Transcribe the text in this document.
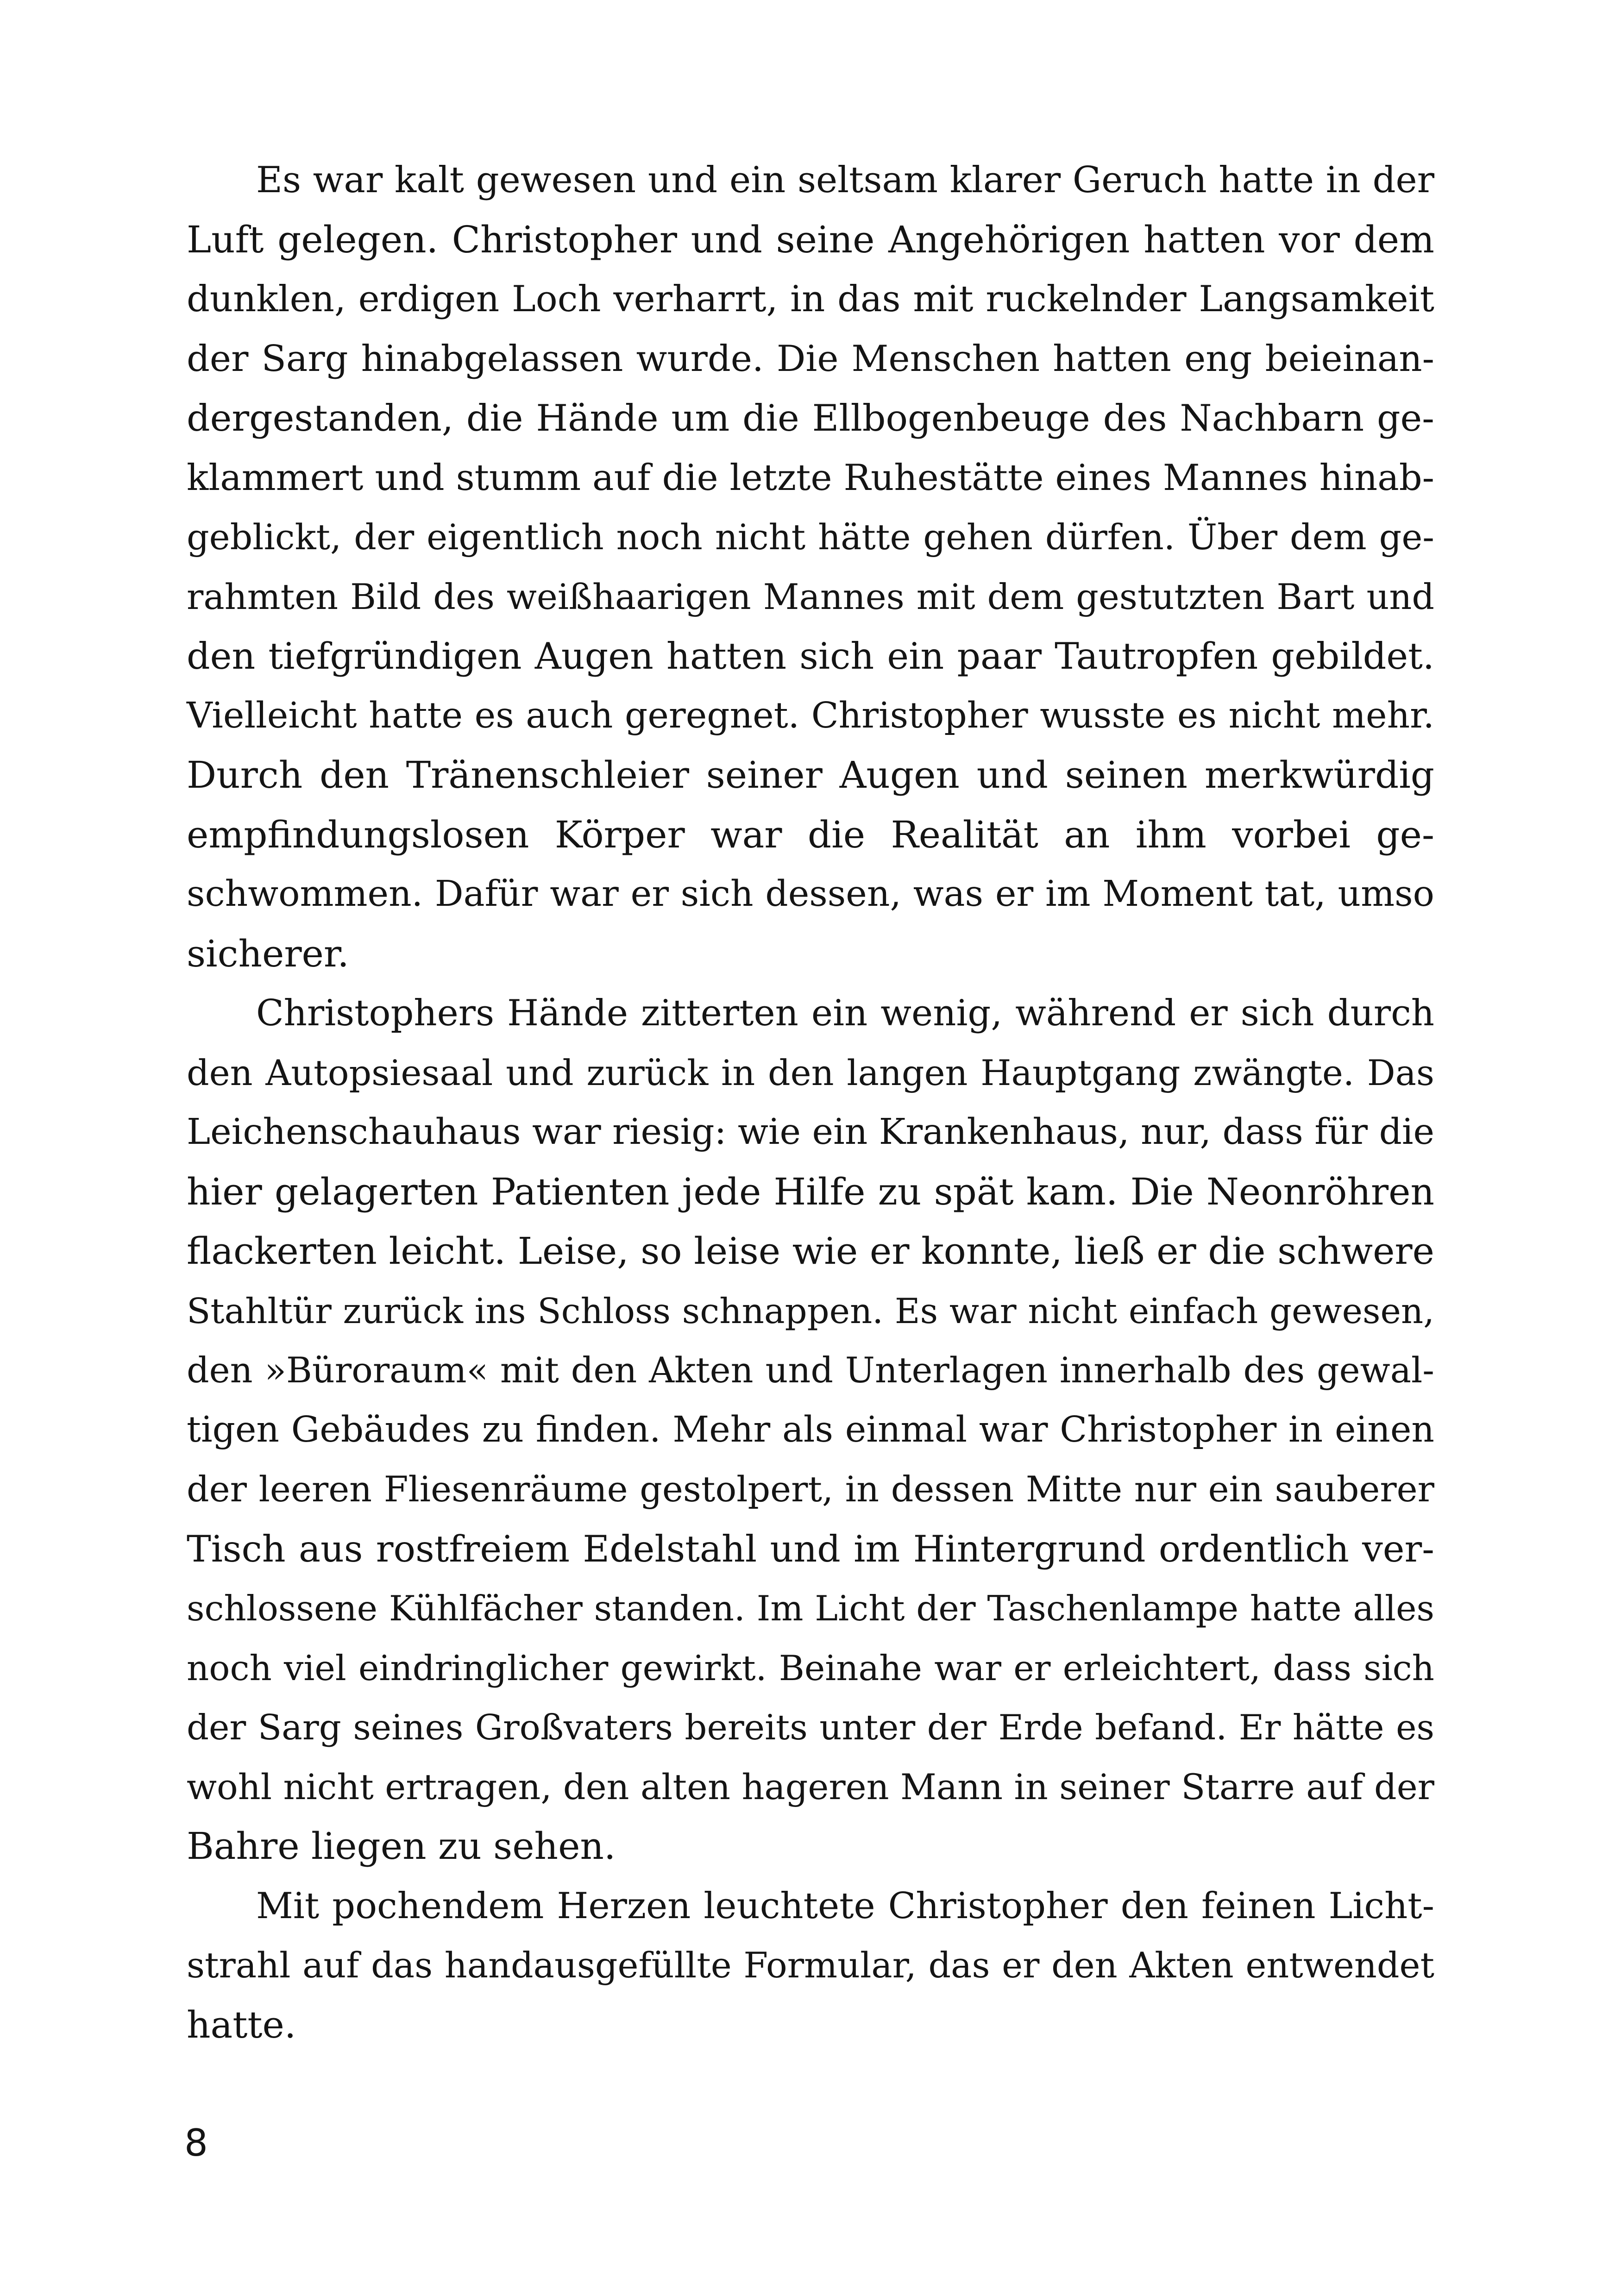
Es war kalt gewesen und ein seltsam klarer Geruch hatte in der
Luft gelegen. Christopher und seine Angehörigen hatten vor dem
dunklen, erdigen Loch verharrt, in das mit ruckelnder Langsamkeit
der Sarg hinabgelassen wurde. Die Menschen hatten eng beieinan-
dergestanden, die Hände um die Ellbogenbeuge des Nachbarn ge-
klammert und stumm auf die letzte Ruhestätte eines Mannes hinab-
geblickt, der eigentlich noch nicht hätte gehen dürfen. Über dem ge-
rahmten Bild des weißhaarigen Mannes mit dem gestutzten Bart und
den tiefgründigen Augen hatten sich ein paar Tautropfen gebildet.
Vielleicht hatte es auch geregnet. Christopher wusste es nicht mehr.
Durch den Tränenschleier seiner Augen und seinen merkwürdig
empfindungslosen Körper war die Realität an ihm vorbei ge-
schwommen. Dafür war er sich dessen, was er im Moment tat, umso
sicherer.
Christophers Hände zitterten ein wenig, während er sich durch
den Autopsiesaal und zurück in den langen Hauptgang zwängte. Das
Leichenschauhaus war riesig: wie ein Krankenhaus, nur, dass für die
hier gelagerten Patienten jede Hilfe zu spät kam. Die Neonröhren
flackerten leicht. Leise, so leise wie er konnte, ließ er die schwere
Stahltür zurück ins Schloss schnappen. Es war nicht einfach gewesen,
den »Büroraum« mit den Akten und Unterlagen innerhalb des gewal-
tigen Gebäudes zu finden. Mehr als einmal war Christopher in einen
der leeren Fliesenräume gestolpert, in dessen Mitte nur ein sauberer
Tisch aus rostfreiem Edelstahl und im Hintergrund ordentlich ver-
schlossene Kühlfächer standen. Im Licht der Taschenlampe hatte alles
noch viel eindringlicher gewirkt. Beinahe war er erleichtert, dass sich
der Sarg seines Großvaters bereits unter der Erde befand. Er hätte es
wohl nicht ertragen, den alten hageren Mann in seiner Starre auf der
Bahre liegen zu sehen.
Mit pochendem Herzen leuchtete Christopher den feinen Licht-
strahl auf das handausgefüllte Formular, das er den Akten entwendet
hatte.
8
